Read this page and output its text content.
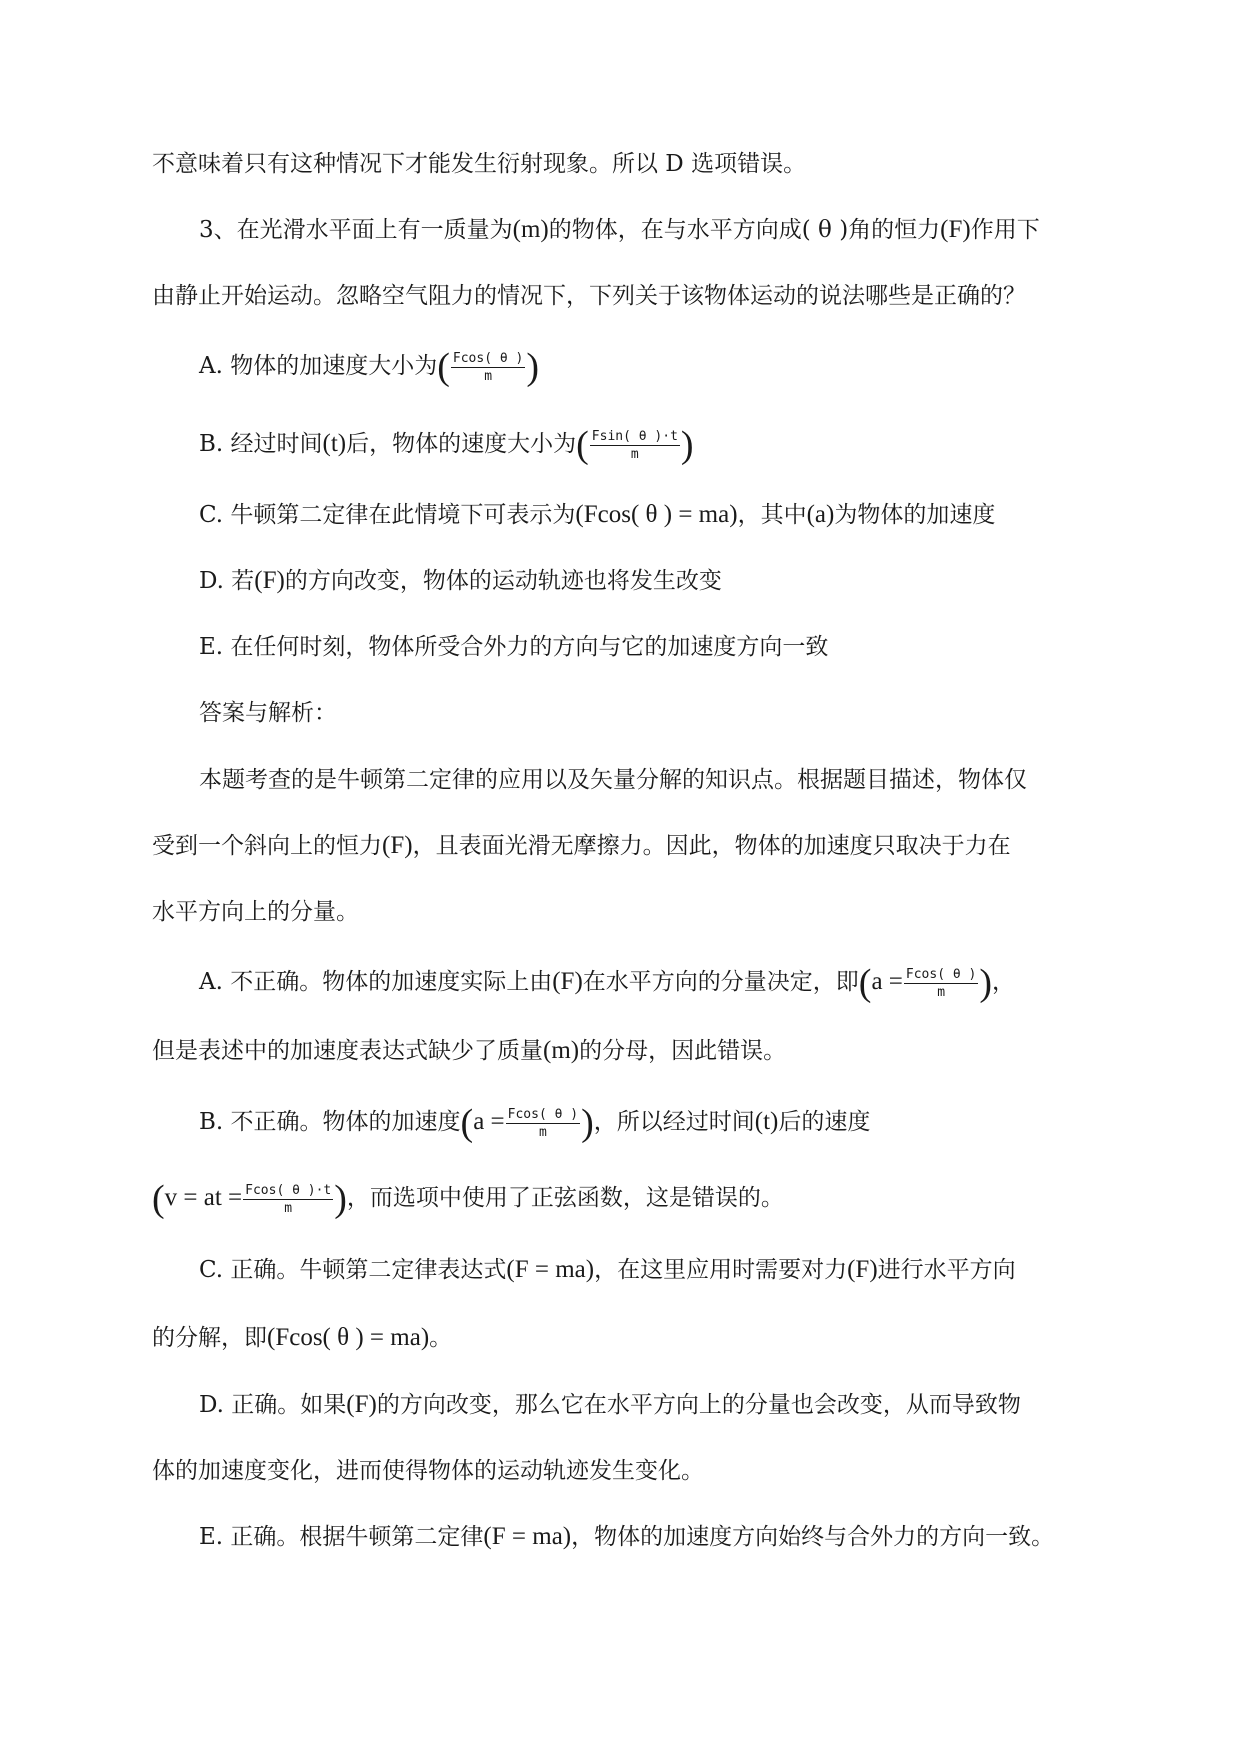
不意味着只有这种情况下才能发生衍射现象。所以 D 选项错误。
3、在光滑水平面上有一质量为(m)的物体，在与水平方向成( θ )角的恒力(F)作用下
由静止开始运动。忽略空气阻力的情况下，下列关于该物体运动的说法哪些是正确的？
A. 物体的加速度大小为( $\frac{Fcos( \theta )}{m}$ )
B. 经过时间(t)后，物体的速度大小为( $\frac{Fsin( \theta )\cdot t}{m}$ )
C. 牛顿第二定律在此情境下可表示为(Fcos( θ ) = ma)，其中(a)为物体的加速度
D. 若(F)的方向改变，物体的运动轨迹也将发生改变
E. 在任何时刻，物体所受合外力的方向与它的加速度方向一致
答案与解析：
本题考查的是牛顿第二定律的应用以及矢量分解的知识点。根据题目描述，物体仅
受到一个斜向上的恒力(F)，且表面光滑无摩擦力。因此，物体的加速度只取决于力在
水平方向上的分量。
A. 不正确。物体的加速度实际上由(F)在水平方向的分量决定，即($a = \frac{Fcos( \theta )}{m}$ )，
但是表述中的加速度表达式缺少了质量(m)的分母，因此错误。
B. 不正确。物体的加速度($a = \frac{Fcos( \theta )}{m}$ )，所以经过时间(t)后的速度
(v = at = $\frac{Fcos( \theta )\cdot t}{m}$ )，而选项中使用了正弦函数，这是错误的。
C. 正确。牛顿第二定律表达式(F = ma)，在这里应用时需要对力(F)进行水平方向
的分解，即(Fcos( θ ) = ma)。
D. 正确。如果(F)的方向改变，那么它在水平方向上的分量也会改变，从而导致物
体的加速度变化，进而使得物体的运动轨迹发生变化。
E. 正确。根据牛顿第二定律(F = ma)，物体的加速度方向始终与合外力的方向一致。
